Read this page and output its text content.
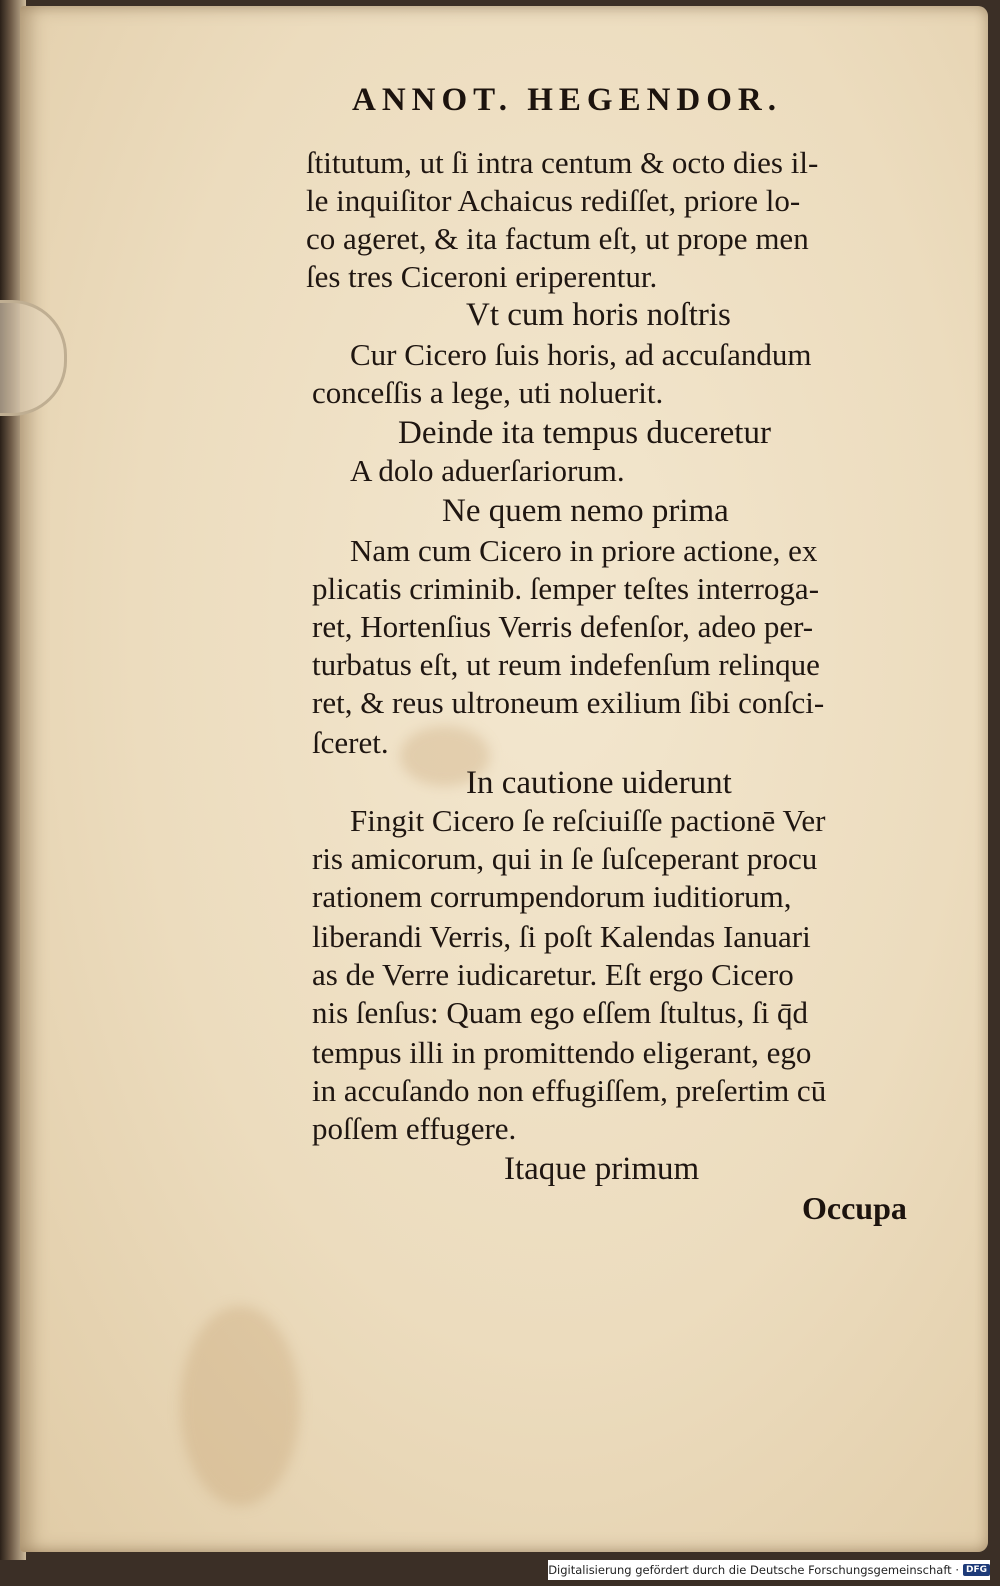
ANNOT. HEGENDOR.
ſtitutum, ut ſi intra centum & octo dies il-
le inquiſitor Achaicus rediſſet, priore lo-
co ageret, & ita factum eſt, ut prope men
ſes tres Ciceroni eriperentur.
Vt cum horis noſtris
Cur Cicero ſuis horis, ad accuſandum
conceſſis a lege, uti noluerit.
Deinde ita tempus duceretur
A dolo aduerſariorum.
Ne quem nemo prima
Nam cum Cicero in priore actione, ex
plicatis criminib. ſemper teſtes interroga-
ret, Hortenſius Verris defenſor, adeo per-
turbatus eſt, ut reum indefenſum relinque
ret, & reus ultroneum exilium ſibi conſci-
ſceret.
In cautione uiderunt
Fingit Cicero ſe reſciuiſſe pactionē Ver
ris amicorum, qui in ſe ſuſceperant procu
rationem corrumpendorum iuditiorum,
liberandi Verris, ſi poſt Kalendas Ianuari
as de Verre iudicaretur. Eſt ergo Cicero
nis ſenſus: Quam ego eſſem ſtultus, ſi q̄d
tempus illi in promittendo eligerant, ego
in accuſando non effugiſſem, preſertim cū
poſſem effugere.
Itaque primum
Occupa
Digitalisierung gefördert durch die Deutsche Forschungsgemeinschaft · DFG
